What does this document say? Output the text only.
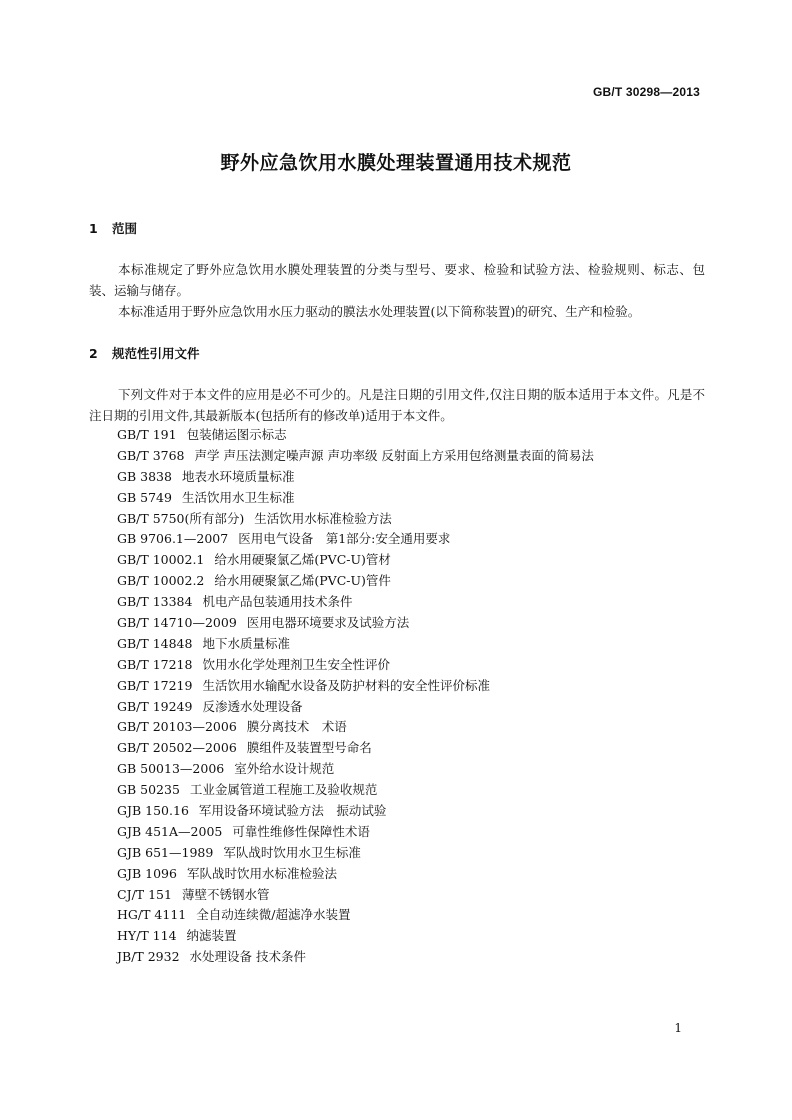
GB/T 30298—2013
野外应急饮用水膜处理装置通用技术规范
1 范围
本标准规定了野外应急饮用水膜处理装置的分类与型号、要求、检验和试验方法、检验规则、标志、包装、运输与储存。
本标准适用于野外应急饮用水压力驱动的膜法水处理装置(以下简称装置)的研究、生产和检验。
2 规范性引用文件
下列文件对于本文件的应用是必不可少的。凡是注日期的引用文件,仅注日期的版本适用于本文件。凡是不注日期的引用文件,其最新版本(包括所有的修改单)适用于本文件。
GB/T 191 包装储运图示标志
GB/T 3768 声学 声压法测定噪声源 声功率级 反射面上方采用包络测量表面的简易法
GB 3838 地表水环境质量标准
GB 5749 生活饮用水卫生标准
GB/T 5750(所有部分) 生活饮用水标准检验方法
GB 9706.1—2007 医用电气设备　第1部分:安全通用要求
GB/T 10002.1 给水用硬聚氯乙烯(PVC-U)管材
GB/T 10002.2 给水用硬聚氯乙烯(PVC-U)管件
GB/T 13384 机电产品包装通用技术条件
GB/T 14710—2009 医用电器环境要求及试验方法
GB/T 14848 地下水质量标准
GB/T 17218 饮用水化学处理剂卫生安全性评价
GB/T 17219 生活饮用水输配水设备及防护材料的安全性评价标准
GB/T 19249 反渗透水处理设备
GB/T 20103—2006 膜分离技术　术语
GB/T 20502—2006 膜组件及装置型号命名
GB 50013—2006 室外给水设计规范
GB 50235 工业金属管道工程施工及验收规范
GJB 150.16 军用设备环境试验方法　振动试验
GJB 451A—2005 可靠性维修性保障性术语
GJB 651—1989 军队战时饮用水卫生标准
GJB 1096 军队战时饮用水标准检验法
CJ/T 151 薄壁不锈钢水管
HG/T 4111 全自动连续微/超滤净水装置
HY/T 114 纳滤装置
JB/T 2932 水处理设备 技术条件
1
